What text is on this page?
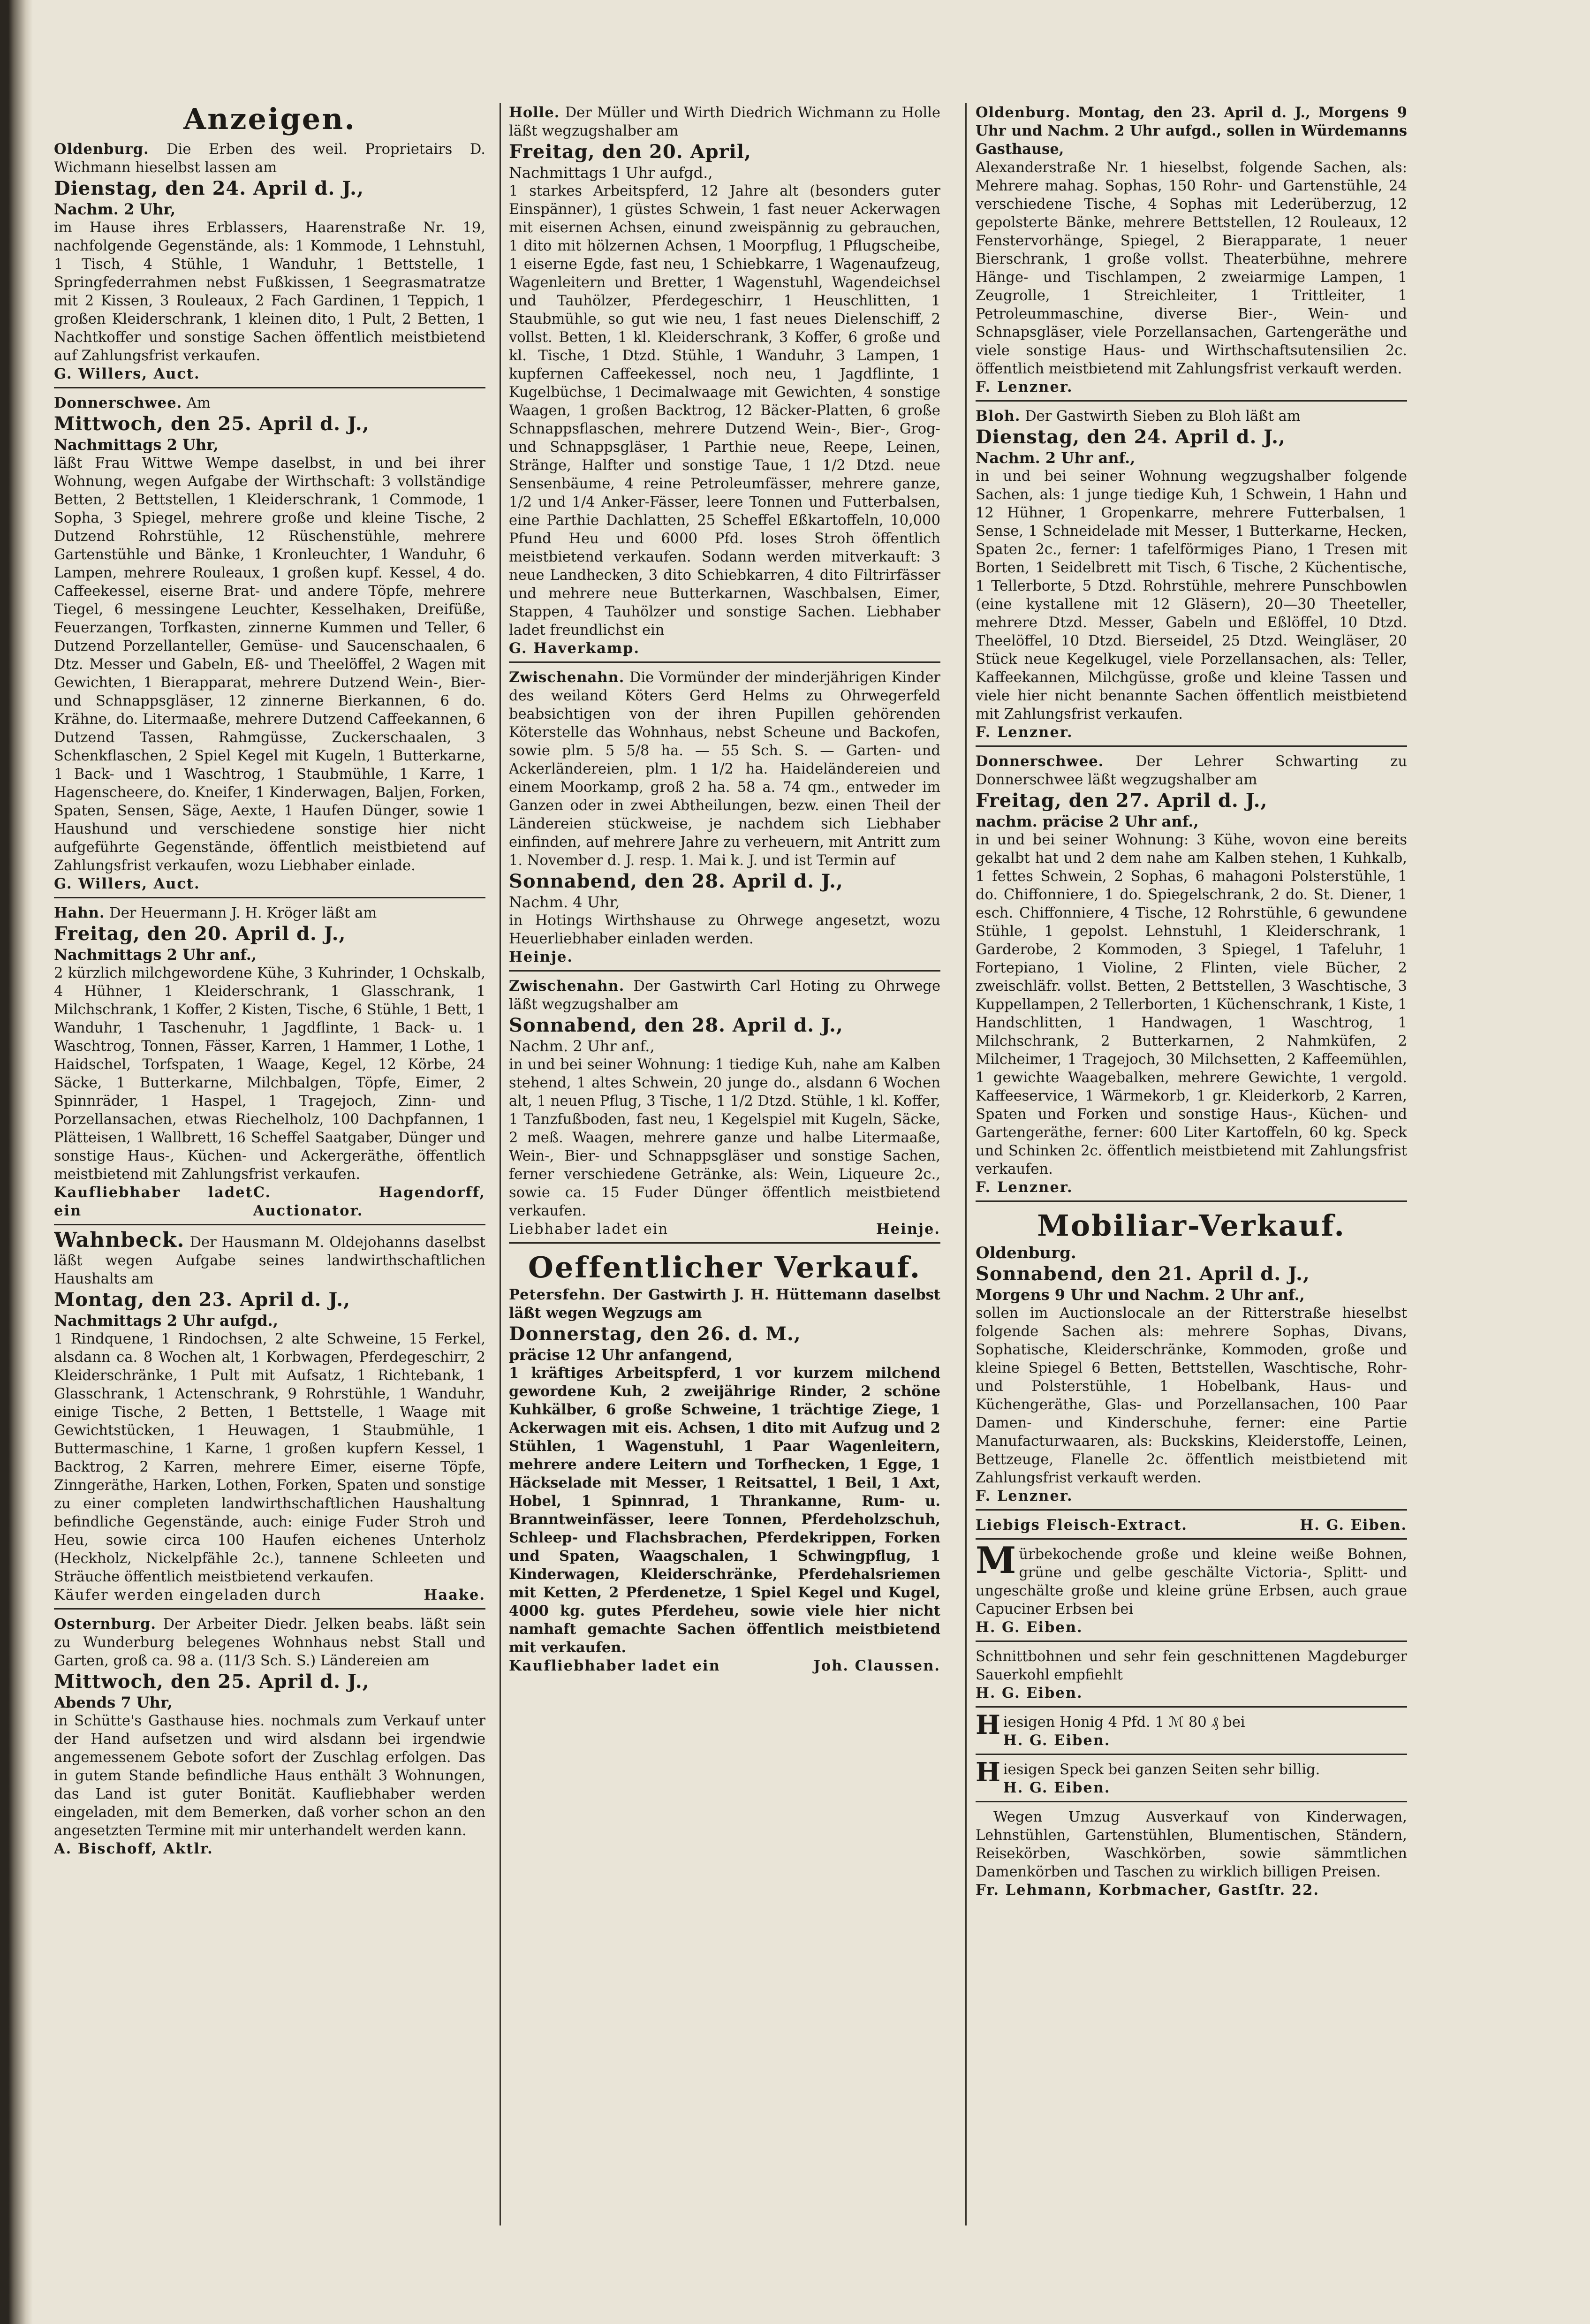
Anzeigen.

Oldenburg. Die Erben des weil. Proprietairs D. Wichmann hieselbst lassen am

Dienstag, den 24. April d. J.,

Nachm. 2 Uhr,

im Hause ihres Erblassers, Haarenstraße Nr. 19, nachfolgende Gegenstände, als: 1 Kommode, 1 Lehnstuhl, 1 Tisch, 4 Stühle, 1 Wanduhr, 1 Bettstelle, 1 Springfederrahmen nebst Fußkissen, 1 Seegrasmatratze mit 2 Kissen, 3 Rouleaux, 2 Fach Gardinen, 1 Teppich, 1 großen Kleiderschrank, 1 kleinen dito, 1 Pult, 2 Betten, 1 Nachtkoffer und sonstige Sachen öffentlich meistbietend auf Zahlungsfrist verkaufen.

G. Willers, Auct.

Donnerschwee. Am

Mittwoch, den 25. April d. J.,

Nachmittags 2 Uhr,

läßt Frau Wittwe Wempe daselbst, in und bei ihrer Wohnung, wegen Aufgabe der Wirthschaft: 3 vollständige Betten, 2 Bettstellen, 1 Kleiderschrank, 1 Commode, 1 Sopha, 3 Spiegel, mehrere große und kleine Tische, 2 Dutzend Rohrstühle, 12 Rüschenstühle, mehrere Gartenstühle und Bänke, 1 Kronleuchter, 1 Wanduhr, 6 Lampen, mehrere Rouleaux, 1 großen kupf. Kessel, 4 do. Caffeekessel, eiserne Brat- und andere Töpfe, mehrere Tiegel, 6 messingene Leuchter, Kesselhaken, Dreifüße, Feuerzangen, Torfkasten, zinnerne Kummen und Teller, 6 Dutzend Porzellanteller, Gemüse- und Saucenschaalen, 6 Dtz. Messer und Gabeln, Eß- und Theelöffel, 2 Wagen mit Gewichten, 1 Bierapparat, mehrere Dutzend Wein-, Bier- und Schnappsgläser, 12 zinnerne Bierkannen, 6 do. Krähne, do. Litermaaße, mehrere Dutzend Caffeekannen, 6 Dutzend Tassen, Rahmgüsse, Zuckerschaalen, 3 Schenkflaschen, 2 Spiel Kegel mit Kugeln, 1 Butterkarne, 1 Back- und 1 Waschtrog, 1 Staubmühle, 1 Karre, 1 Hagenscheere, do. Kneifer, 1 Kinderwagen, Baljen, Forken, Spaten, Sensen, Säge, Aexte, 1 Haufen Dünger, sowie 1 Haushund und verschiedene sonstige hier nicht aufgeführte Gegenstände, öffentlich meistbietend auf Zahlungsfrist verkaufen, wozu Liebhaber einlade.

G. Willers, Auct.

Hahn. Der Heuermann J. H. Kröger läßt am

Freitag, den 20. April d. J.,

Nachmittags 2 Uhr anf.,

2 kürzlich milchgewordene Kühe, 3 Kuhrinder, 1 Ochskalb, 4 Hühner, 1 Kleiderschrank, 1 Glasschrank, 1 Milchschrank, 1 Koffer, 2 Kisten, Tische, 6 Stühle, 1 Bett, 1 Wanduhr, 1 Taschenuhr, 1 Jagdflinte, 1 Back- u. 1 Waschtrog, Tonnen, Fässer, Karren, 1 Hammer, 1 Lothe, 1 Haidschel, Torfspaten, 1 Waage, Kegel, 12 Körbe, 24 Säcke, 1 Butterkarne, Milchbalgen, Töpfe, Eimer, 2 Spinnräder, 1 Haspel, 1 Tragejoch, Zinn- und Porzellansachen, etwas Riechelholz, 100 Dachpfannen, 1 Plätteisen, 1 Wallbrett, 16 Scheffel Saatgaber, Dünger und sonstige Haus-, Küchen- und Ackergeräthe, öffentlich meistbietend mit Zahlungsfrist verkaufen.

Kaufliebhaber ladet ein
C. Hagendorff, Auctionator.

Wahnbeck. Der Hausmann M. Oldejohanns daselbst läßt wegen Aufgabe seines landwirthschaftlichen Haushalts am

Montag, den 23. April d. J.,

Nachmittags 2 Uhr aufgd.,

1 Rindquene, 1 Rindochsen, 2 alte Schweine, 15 Ferkel, alsdann ca. 8 Wochen alt, 1 Korbwagen, Pferdegeschirr, 2 Kleiderschränke, 1 Pult mit Aufsatz, 1 Richtebank, 1 Glasschrank, 1 Actenschrank, 9 Rohrstühle, 1 Wanduhr, einige Tische, 2 Betten, 1 Bettstelle, 1 Waage mit Gewichtstücken, 1 Heuwagen, 1 Staubmühle, 1 Buttermaschine, 1 Karne, 1 großen kupfern Kessel, 1 Backtrog, 2 Karren, mehrere Eimer, eiserne Töpfe, Zinngeräthe, Harken, Lothen, Forken, Spaten und sonstige zu einer completen landwirthschaftlichen Haushaltung befindliche Gegenstände, auch: einige Fuder Stroh und Heu, sowie circa 100 Haufen eichenes Unterholz (Heckholz, Nickelpfähle 2c.), tannene Schleeten und Sträuche öffentlich meistbietend verkaufen.

Käufer werden eingeladen durch	Haake.

Osternburg. Der Arbeiter Diedr. Jelken beabs. läßt sein zu Wunderburg belegenes Wohnhaus nebst Stall und Garten, groß ca. 98 a. (11/3 Sch. S.) Ländereien am

Mittwoch, den 25. April d. J.,

Abends 7 Uhr,

in Schütte's Gasthause hies. nochmals zum Verkauf unter der Hand aufsetzen und wird alsdann bei irgendwie angemessenem Gebote sofort der Zuschlag erfolgen. Das in gutem Stande befindliche Haus enthält 3 Wohnungen, das Land ist guter Bonität. Kaufliebhaber werden eingeladen, mit dem Bemerken, daß vorher schon an den angesetzten Termine mit mir unterhandelt werden kann.

A. Bischoff, Aktlr.

Holle. Der Müller und Wirth Diedrich Wichmann zu Holle läßt wegzugshalber am

Freitag, den 20. April,

Nachmittags 1 Uhr aufgd.,

1 starkes Arbeitspferd, 12 Jahre alt (besonders guter Einspänner), 1 güstes Schwein, 1 fast neuer Ackerwagen mit eisernen Achsen, einund zweispännig zu gebrauchen, 1 dito mit hölzernen Achsen, 1 Moorpflug, 1 Pflugscheibe, 1 eiserne Egde, fast neu, 1 Schiebkarre, 1 Wagenaufzeug, Wagenleitern und Bretter, 1 Wagenstuhl, Wagendeichsel und Tauhölzer, Pferdegeschirr, 1 Heuschlitten, 1 Staubmühle, so gut wie neu, 1 fast neues Dielenschiff, 2 vollst. Betten, 1 kl. Kleiderschrank, 3 Koffer, 6 große und kl. Tische, 1 Dtzd. Stühle, 1 Wanduhr, 3 Lampen, 1 kupfernen Caffeekessel, noch neu, 1 Jagdflinte, 1 Kugelbüchse, 1 Decimalwaage mit Gewichten, 4 sonstige Waagen, 1 großen Backtrog, 12 Bäcker-Platten, 6 große Schnappsflaschen, mehrere Dutzend Wein-, Bier-, Grog- und Schnappsgläser, 1 Parthie neue, Reepe, Leinen, Stränge, Halfter und sonstige Taue, 1 1/2 Dtzd. neue Sensenbäume, 4 reine Petroleumfässer, mehrere ganze, 1/2 und 1/4 Anker-Fässer, leere Tonnen und Futterbalsen, eine Parthie Dachlatten, 25 Scheffel Eßkartoffeln, 10,000 Pfund Heu und 6000 Pfd. loses Stroh öffentlich meistbietend verkaufen. Sodann werden mitverkauft: 3 neue Landhecken, 3 dito Schiebkarren, 4 dito Filtrirfässer und mehrere neue Butterkarnen, Waschbalsen, Eimer, Stappen, 4 Tauhölzer und sonstige Sachen. Liebhaber ladet freundlichst ein

G. Haverkamp.

Zwischenahn. Die Vormünder der minderjährigen Kinder des weiland Köters Gerd Helms zu Ohrwegerfeld beabsichtigen von der ihren Pupillen gehörenden Köterstelle das Wohnhaus, nebst Scheune und Backofen, sowie plm. 5 5/8 ha. — 55 Sch. S. — Garten- und Ackerländereien, plm. 1 1/2 ha. Haideländereien und einem Moorkamp, groß 2 ha. 58 a. 74 qm., entweder im Ganzen oder in zwei Abtheilungen, bezw. einen Theil der Ländereien stückweise, je nachdem sich Liebhaber einfinden, auf mehrere Jahre zu verheuern, mit Antritt zum 1. November d. J. resp. 1. Mai k. J. und ist Termin auf

Sonnabend, den 28. April d. J.,

Nachm. 4 Uhr,

in Hotings Wirthshause zu Ohrwege angesetzt, wozu Heuerliebhaber einladen werden.

Heinje.

Zwischenahn. Der Gastwirth Carl Hoting zu Ohrwege läßt wegzugshalber am

Sonnabend, den 28. April d. J.,

Nachm. 2 Uhr anf.,

in und bei seiner Wohnung: 1 tiedige Kuh, nahe am Kalben stehend, 1 altes Schwein, 20 junge do., alsdann 6 Wochen alt, 1 neuen Pflug, 3 Tische, 1 1/2 Dtzd. Stühle, 1 kl. Koffer, 1 Tanzfußboden, fast neu, 1 Kegelspiel mit Kugeln, Säcke, 2 meß. Waagen, mehrere ganze und halbe Litermaaße, Wein-, Bier- und Schnappsgläser und sonstige Sachen, ferner verschiedene Getränke, als: Wein, Liqueure 2c., sowie ca. 15 Fuder Dünger öffentlich meistbietend verkaufen.

Liebhaber ladet ein	Heinje.

Oeffentlicher Verkauf.

Petersfehn. Der Gastwirth J. H. Hüttemann daselbst läßt wegen Wegzugs am

Donnerstag, den 26. d. M.,

präcise 12 Uhr anfangend,

1 kräftiges Arbeitspferd, 1 vor kurzem milchend gewordene Kuh, 2 zweijährige Rinder, 2 schöne Kuhkälber, 6 große Schweine, 1 trächtige Ziege, 1 Ackerwagen mit eis. Achsen, 1 dito mit Aufzug und 2 Stühlen, 1 Wagenstuhl, 1 Paar Wagenleitern, mehrere andere Leitern und Torfhecken, 1 Egge, 1 Häckselade mit Messer, 1 Reitsattel, 1 Beil, 1 Axt, Hobel, 1 Spinnrad, 1 Thrankanne, Rum- u. Branntweinfässer, leere Tonnen, Pferdeholzschuh, Schleep- und Flachsbrachen, Pferdekrippen, Forken und Spaten, Waagschalen, 1 Schwingpflug, 1 Kinderwagen, Kleiderschränke, Pferdehalsriemen mit Ketten, 2 Pferdenetze, 1 Spiel Kegel und Kugel, 4000 kg. gutes Pferdeheu, sowie viele hier nicht namhaft gemachte Sachen öffentlich meistbietend mit verkaufen.

Kaufliebhaber ladet ein	Joh. Claussen.

Oldenburg. Montag, den 23. April d. J., Morgens 9 Uhr und Nachm. 2 Uhr aufgd., sollen in Würdemanns Gasthause,

Alexanderstraße Nr. 1 hieselbst, folgende Sachen, als: Mehrere mahag. Sophas, 150 Rohr- und Gartenstühle, 24 verschiedene Tische, 4 Sophas mit Lederüberzug, 12 gepolsterte Bänke, mehrere Bettstellen, 12 Rouleaux, 12 Fenstervorhänge, Spiegel, 2 Bierapparate, 1 neuer Bierschrank, 1 große vollst. Theaterbühne, mehrere Hänge- und Tischlampen, 2 zweiarmige Lampen, 1 Zeugrolle, 1 Streichleiter, 1 Trittleiter, 1 Petroleummaschine, diverse Bier-, Wein- und Schnapsgläser, viele Porzellansachen, Gartengeräthe und viele sonstige Haus- und Wirthschaftsutensilien 2c. öffentlich meistbietend mit Zahlungsfrist verkauft werden.

F. Lenzner.

Bloh. Der Gastwirth Sieben zu Bloh läßt am

Dienstag, den 24. April d. J.,

Nachm. 2 Uhr anf.,

in und bei seiner Wohnung wegzugshalber folgende Sachen, als: 1 junge tiedige Kuh, 1 Schwein, 1 Hahn und 12 Hühner, 1 Gropenkarre, mehrere Futterbalsen, 1 Sense, 1 Schneidelade mit Messer, 1 Butterkarne, Hecken, Spaten 2c., ferner: 1 tafelförmiges Piano, 1 Tresen mit Borten, 1 Seidelbrett mit Tisch, 6 Tische, 2 Küchentische, 1 Tellerborte, 5 Dtzd. Rohrstühle, mehrere Punschbowlen (eine kystallene mit 12 Gläsern), 20—30 Theeteller, mehrere Dtzd. Messer, Gabeln und Eßlöffel, 10 Dtzd. Theelöffel, 10 Dtzd. Bierseidel, 25 Dtzd. Weingläser, 20 Stück neue Kegelkugel, viele Porzellansachen, als: Teller, Kaffeekannen, Milchgüsse, große und kleine Tassen und viele hier nicht benannte Sachen öffentlich meistbietend mit Zahlungsfrist verkaufen.

F. Lenzner.

Donnerschwee. Der Lehrer Schwarting zu Donnerschwee läßt wegzugshalber am

Freitag, den 27. April d. J.,

nachm. präcise 2 Uhr anf.,

in und bei seiner Wohnung: 3 Kühe, wovon eine bereits gekalbt hat und 2 dem nahe am Kalben stehen, 1 Kuhkalb, 1 fettes Schwein, 2 Sophas, 6 mahagoni Polsterstühle, 1 do. Chiffonniere, 1 do. Spiegelschrank, 2 do. St. Diener, 1 esch. Chiffonniere, 4 Tische, 12 Rohrstühle, 6 gewundene Stühle, 1 gepolst. Lehnstuhl, 1 Kleiderschrank, 1 Garderobe, 2 Kommoden, 3 Spiegel, 1 Tafeluhr, 1 Fortepiano, 1 Violine, 2 Flinten, viele Bücher, 2 zweischläfr. vollst. Betten, 2 Bettstellen, 3 Waschtische, 3 Kuppellampen, 2 Tellerborten, 1 Küchenschrank, 1 Kiste, 1 Handschlitten, 1 Handwagen, 1 Waschtrog, 1 Milchschrank, 2 Butterkarnen, 2 Nahmküfen, 2 Milcheimer, 1 Tragejoch, 30 Milchsetten, 2 Kaffeemühlen, 1 gewichte Waagebalken, mehrere Gewichte, 1 vergold. Kaffeeservice, 1 Wärmekorb, 1 gr. Kleiderkorb, 2 Karren, Spaten und Forken und sonstige Haus-, Küchen- und Gartengeräthe, ferner: 600 Liter Kartoffeln, 60 kg. Speck und Schinken 2c. öffentlich meistbietend mit Zahlungsfrist verkaufen.

F. Lenzner.

Mobiliar-Verkauf.

Oldenburg.

Sonnabend, den 21. April d. J.,

Morgens 9 Uhr und Nachm. 2 Uhr anf.,

sollen im Auctionslocale an der Ritterstraße hieselbst folgende Sachen als: mehrere Sophas, Divans, Sophatische, Kleiderschränke, Kommoden, große und kleine Spiegel 6 Betten, Bettstellen, Waschtische, Rohr- und Polsterstühle, 1 Hobelbank, Haus- und Küchengeräthe, Glas- und Porzellansachen, 100 Paar Damen- und Kinderschuhe, ferner: eine Partie Manufacturwaaren, als: Buckskins, Kleiderstoffe, Leinen, Bettzeuge, Flanelle 2c. öffentlich meistbietend mit Zahlungsfrist verkauft werden.

F. Lenzner.

Liebigs Fleisch-Extract.	H. G. Eiben.

Mürbekochende große und kleine weiße Bohnen, grüne und gelbe geschälte Victoria-, Splitt- und ungeschälte große und kleine grüne Erbsen, auch graue Capuciner Erbsen bei

H. G. Eiben.

Schnittbohnen und sehr fein geschnittenen Magdeburger Sauerkohl empfiehlt

H. G. Eiben.

Hiesigen Honig 4 Pfd. 1 ℳ 80 ₰ bei

H. G. Eiben.

Hiesigen Speck bei ganzen Seiten sehr billig.

H. G. Eiben.

Wegen Umzug Ausverkauf von Kinderwagen, Lehnstühlen, Gartenstühlen, Blumentischen, Ständern, Reisekörben, Waschkörben, sowie sämmtlichen Damenkörben und Taschen zu wirklich billigen Preisen.

Fr. Lehmann, Korbmacher, Gastſtr. 22.
